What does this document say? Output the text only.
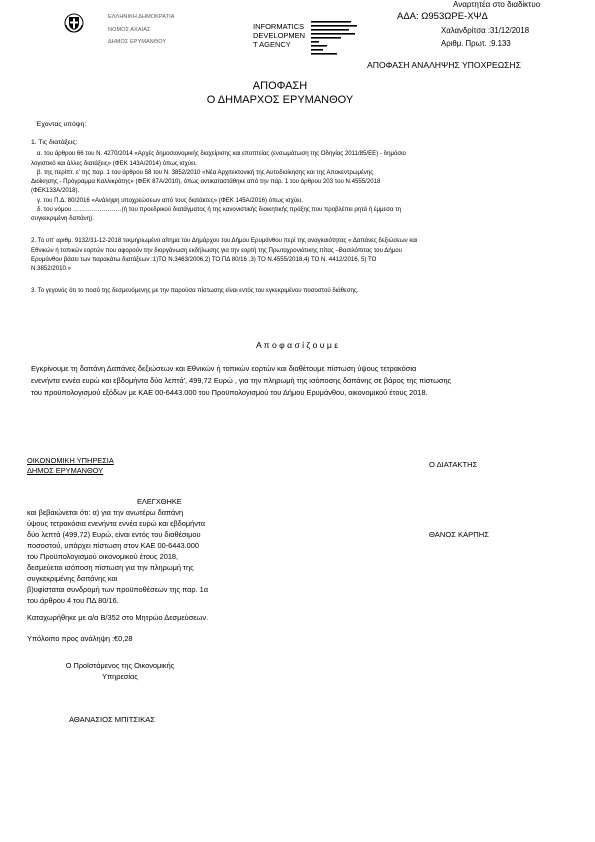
ΕΛΛΗΝΙΚΗ ΔΗΜΟΚΡΑΤΙΑ
ΝΟΜΟΣ ΑΧΑΙΑΣ
ΔΗΜΟΣ ΕΡΥΜΑΝΘΟΥ
INFORMATICS
DEVELOPMEN
T AGENCY
Αναρτητέα στο διαδίκτυο
ΑΔΑ: Ω953ΩΡΕ-ΧΨΔ
Χαλανδρίτσα :31/12/2018
Αριθμ. Πρωτ. :9.133
ΑΠΟΦΑΣΗ ΑΝΑΛΗΨΗΣ ΥΠΟΧΡΕΩΣΗΣ
ΑΠΟΦΑΣΗ
Ο ΔΗΜΑΡΧΟΣ ΕΡΥΜΑΝΘΟΥ
Έχοντας υπόψη:
1. Τις διατάξεις:
α. του άρθρου 66 του Ν. 4270/2014 «Αρχές δημοσιονομικής διαχείρισης και εποπτείας (ενσωμάτωση της Οδηγίας 2011/85/ΕΕ) - δημόσιο
λογιστικό και άλλες διατάξεις» (ΦΕΚ 143Α/2014) όπως ισχύει.
β. της περίπτ. ε' της παρ. 1 του άρθρου 58 του Ν. 3852/2010 «Νέα Αρχιτεκτονική της Αυτοδιοίκησης και της Αποκεντρωμένης
Διοίκησης - Πρόγραμμα Καλλικράτης» (ΦΕΚ 87Α/2010), όπως αντικαταστάθηκε από την παρ. 1 του άρθρου 203 του Ν.4555/2018
(ΦΕΚ133Α/2018).
γ. του Π.Δ. 80/2016 «Ανάληψη υποχρεώσεων από τους διατάκτες» (ΦΕΚ 145Α/2016) όπως ισχύει.
δ. του νόμου ……………………(ή του προεδρικού διατάγματος ή της κανονιστικής διοικητικής πράξης που προβλέπει ρητά ή έμμεσα τη
συγκεκριμένη δαπάνη).
2. Το υπ' αριθμ. 9132/31-12-2018 τεκμηριωμένο αίτημα του Δημάρχου του Δήμου Ερυμάνθου περί της αναγκαιότητας « Δαπάνες δεξιώσεων και
Εθνικών ή τοπικών εορτών που αφορούν την διοργάνωση εκδήλωσης για την εορτή της Πρωτοχρονιάτικης πίτας –Βασιλόπιτας του Δήμου
Ερυμάνθου βάσει των παρακάτω διατάξεων :1)ΤΟ Ν.3463/2006,2) ΤΟ ΠΔ 80/16 ,3) ΤΟ Ν.4555/2018,4) ΤΟ Ν. 4412/2016, 5) ΤΟ
Ν.3852/2010.»
3. Το γεγονός ότι το ποσό της δεσμευόμενης με την παρούσα πίστωσης είναι εντός του εγκεκριμένου ποσοστού διάθεσης.
Α π ο φ α σ ί ζ ο υ μ ε
Εγκρίνουμε τη δαπάνη Δαπάνες δεξιώσεων και Εθνικών ή τοπικών εορτών και διαθέτουμε πίστωση ύψους τετρακόσια
ενενήντα εννέα ευρώ και εβδομήντα δύο λεπτά', 499,72 Ευρώ , για την πληρωμή της ισόποσης δαπάνης σε βάρος της πίστωσης
του προϋπολογισμού εξόδων με ΚΑΕ 00-6443.000 του Προϋπολογισμού του Δήμου Ερυμάνθου, οικονομικού έτους 2018.
ΟΙΚΟΝΟΜΙΚΗ ΥΠΗΡΕΣΙΑ
ΔΗΜΟΣ ΕΡΥΜΑΝΘΟΥ
Ο ΔΙΑΤΑΚΤΗΣ
ΕΛΕΓΧΘΗΚΕ
και βεβαιώνεται ότι: α) για την ανωτέρω δαπάνη
ύψους τετρακόσια ενενήντα εννέα ευρώ και εβδομήντα
δύο λεπτά (499,72) Ευρώ, είναι εντός του διαθέσιμου
ποσοστού, υπάρχει πίστωση στον ΚΑΕ 00-6443.000
του Προϋπολογισμού οικονομικού έτους 2018,
δεσμεύεται ισόποση πίστωση για την πληρωμή της
συγκεκριμένης δαπάνης και
β)υφίσταται συνδρομή των προϋποθέσεων της παρ. 1α
του άρθρου 4 του ΠΔ 80/16.
ΘΑΝΟΣ ΚΑΡΠΗΣ
Καταχωρήθηκε με α/α Β/352 στο Μητρώο Δεσμεύσεων.
Υπόλοιπο προς ανάληψη :€0,28
Ο Προϊστάμενος της Οικονομικής
Υπηρεσίας
ΑΘΑΝΑΣΙΟΣ ΜΠΙΤΣΙΚΑΣ
